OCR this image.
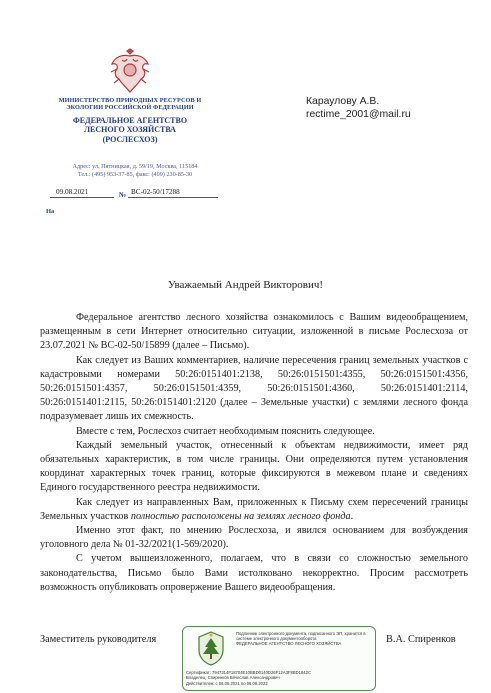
МИНИСТЕРСТВО ПРИРОДНЫХ РЕСУРСОВ И ЭКОЛОГИИ РОССИЙСКОЙ ФЕДЕРАЦИИ
ФЕДЕРАЛЬНОЕ АГЕНТСТВО
ЛЕСНОГО ХОЗЯЙСТВА
(РОСЛЕСХОЗ)
Адрес: ул. Пятницкая, д. 59/19, Москва, 115184
Тел.: (495) 953-37-85, факс: (499) 230-85-30
09.08.2021	№ ВС-02-50/17288
На
Караулову А.В.
rectime_2001@mail.ru
Уважаемый Андрей Викторович!

Федеральное агентство лесного хозяйства ознакомилось с Вашим видеообращением, размещенным в сети Интернет относительно ситуации, изложенной в письме Рослесхоза от 23.07.2021 № ВС-02-50/15899 (далее – Письмо).

Как следует из Ваших комментариев, наличие пересечения границ земельных участков с кадастровыми номерами 50:26:0151401:2138, 50:26:0151501:4355, 50:26:0151501:4356, 50:26:0151501:4357, 50:26:0151501:4359, 50:26:0151501:4360, 50:26:0151401:2114, 50:26:0151401:2115, 50:26:0151401:2120 (далее – Земельные участки) с землями лесного фонда подразумевает лишь их смежность.

Вместе с тем, Рослесхоз считает необходимым пояснить следующее.

Каждый земельный участок, отнесенный к объектам недвижимости, имеет ряд обязательных характеристик, в том числе границы. Они определяются путем установления координат характерных точек границ, которые фиксируются в межевом плане и сведениях Единого государственного реестра недвижимости.

Как следует из направленных Вам, приложенных к Письму схем пересечений границы Земельных участков полностью расположены на землях лесного фонда.

Именно этот факт, по мнению Рослесхоза, и явился основанием для возбуждения уголовного дела № 01-32/2021(1-569/2020).

С учетом вышеизложенного, полагаем, что в связи со сложностью земельного законодательства, Письмо было Вами истолковано некорректно. Просим рассмотреть возможность опубликовать опровержение Вашего видеообращения.

Заместитель руководителя
Подлинник электронного документа, подписанного ЭП, хранится в системе электронного документооборота
ФЕДЕРАЛЬНОЕ АГЕНТСТВО ЛЕСНОГО ХОЗЯЙСТВА
Сертификат: 7947314F18704E10BBD0140D26F12A3F8BD1842C
Владелец: Спиренков Вячеслав Александрович
Действителен: с 06.05.2021 по 06.08.2022
В.А. Спиренков
